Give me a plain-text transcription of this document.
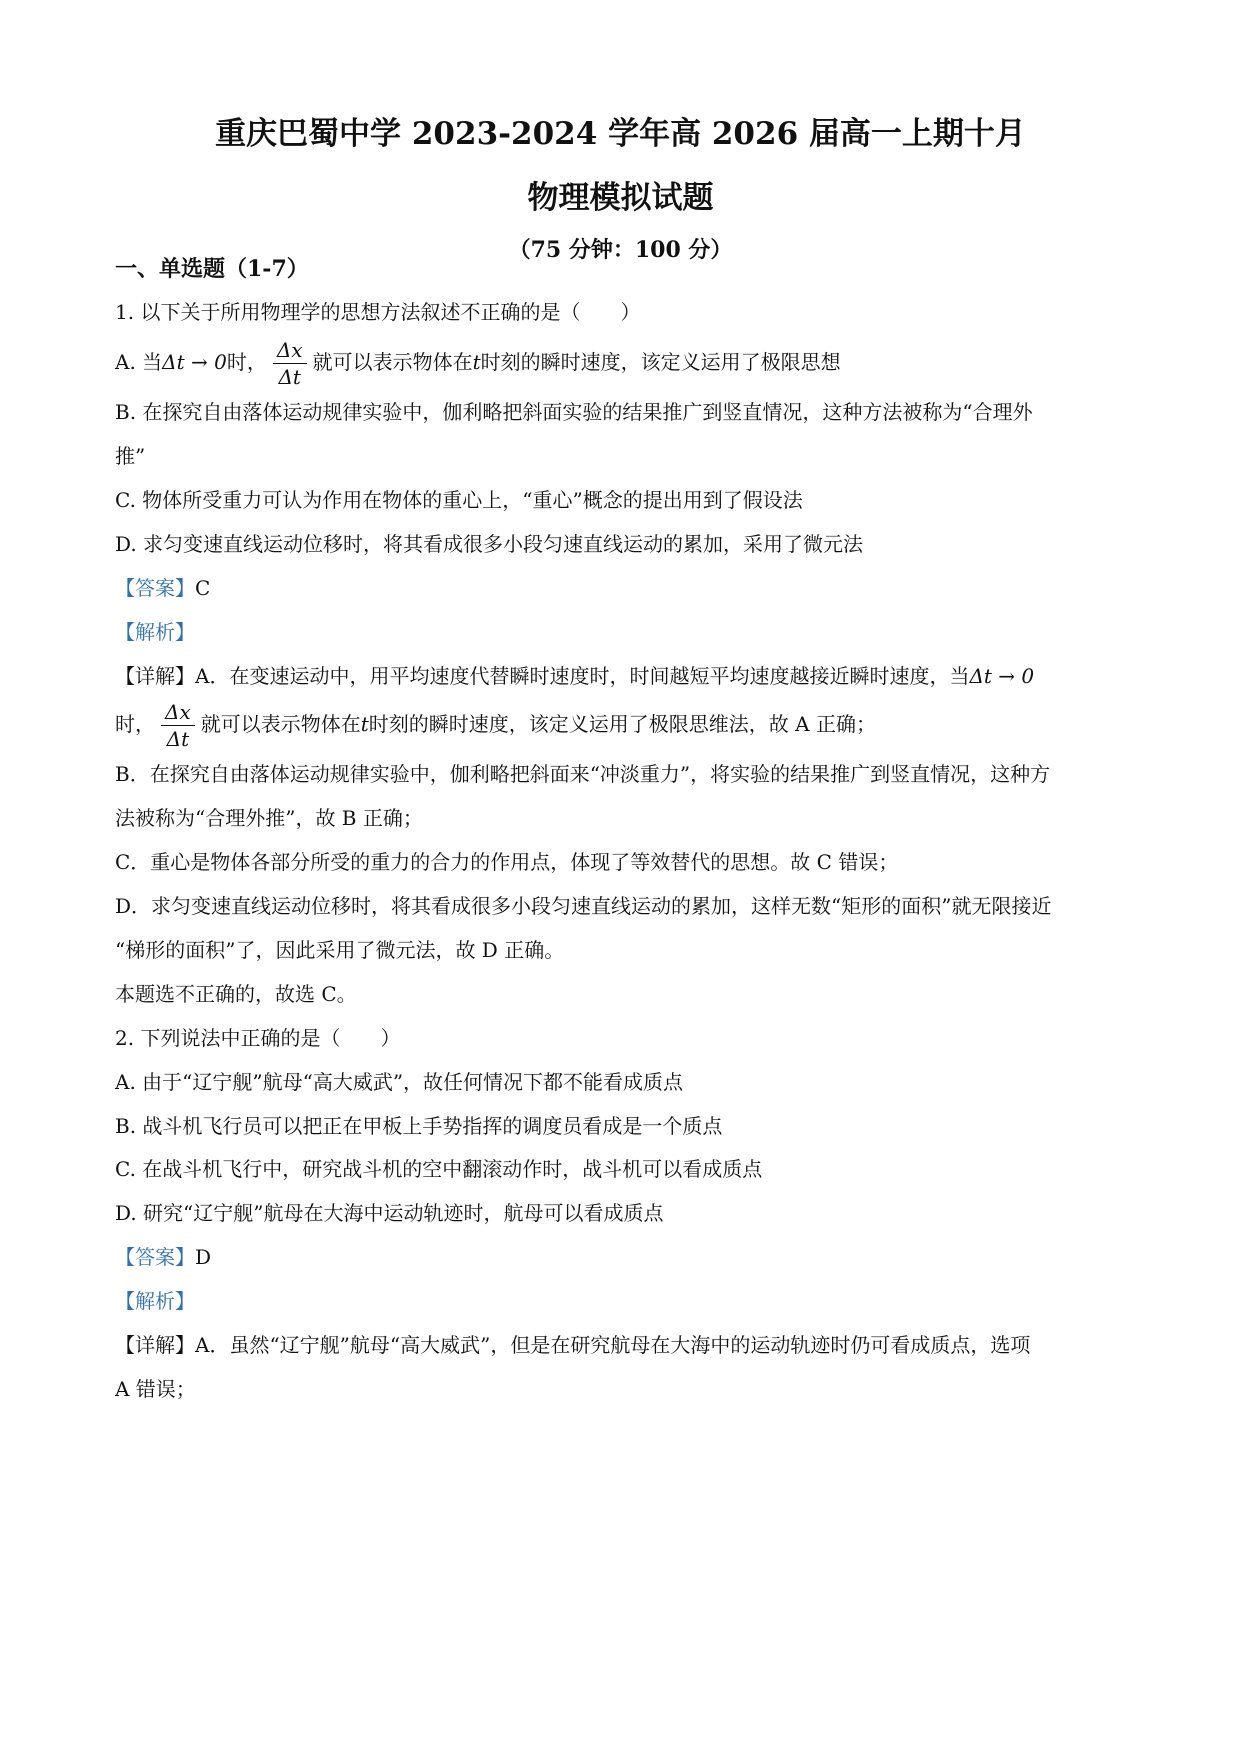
重庆巴蜀中学 2023-2024 学年高 2026 届高一上期十月
物理模拟试题
（75 分钟：100 分）
一、单选题（1-7）
1. 以下关于所用物理学的思想方法叙述不正确的是（　　）
A. 当Δt → 0时， $\frac{\Delta x}{\Delta t}$ 就可以表示物体在t时刻的瞬时速度，该定义运用了极限思想
B. 在探究自由落体运动规律实验中，伽利略把斜面实验的结果推广到竖直情况，这种方法被称为“合理外
推”
C. 物体所受重力可认为作用在物体的重心上，“重心”概念的提出用到了假设法
D. 求匀变速直线运动位移时，将其看成很多小段匀速直线运动的累加，采用了微元法
【答案】C
【解析】
【详解】A．在变速运动中，用平均速度代替瞬时速度时，时间越短平均速度越接近瞬时速度，当Δt → 0
时， $\frac{\Delta x}{\Delta t}$ 就可以表示物体在t时刻的瞬时速度，该定义运用了极限思维法，故 A 正确；
B．在探究自由落体运动规律实验中，伽利略把斜面来“冲淡重力”，将实验的结果推广到竖直情况，这种方
法被称为“合理外推”，故 B 正确；
C．重心是物体各部分所受的重力的合力的作用点，体现了等效替代的思想。故 C 错误；
D．求匀变速直线运动位移时，将其看成很多小段匀速直线运动的累加，这样无数“矩形的面积”就无限接近
“梯形的面积”了，因此采用了微元法，故 D 正确。
本题选不正确的，故选 C。
2. 下列说法中正确的是（　　）
A. 由于“辽宁舰”航母“高大威武”，故任何情况下都不能看成质点
B. 战斗机飞行员可以把正在甲板上手势指挥的调度员看成是一个质点
C. 在战斗机飞行中，研究战斗机的空中翻滚动作时，战斗机可以看成质点
D. 研究“辽宁舰”航母在大海中运动轨迹时，航母可以看成质点
【答案】D
【解析】
【详解】A．虽然“辽宁舰”航母“高大威武”，但是在研究航母在大海中的运动轨迹时仍可看成质点，选项
A 错误；
